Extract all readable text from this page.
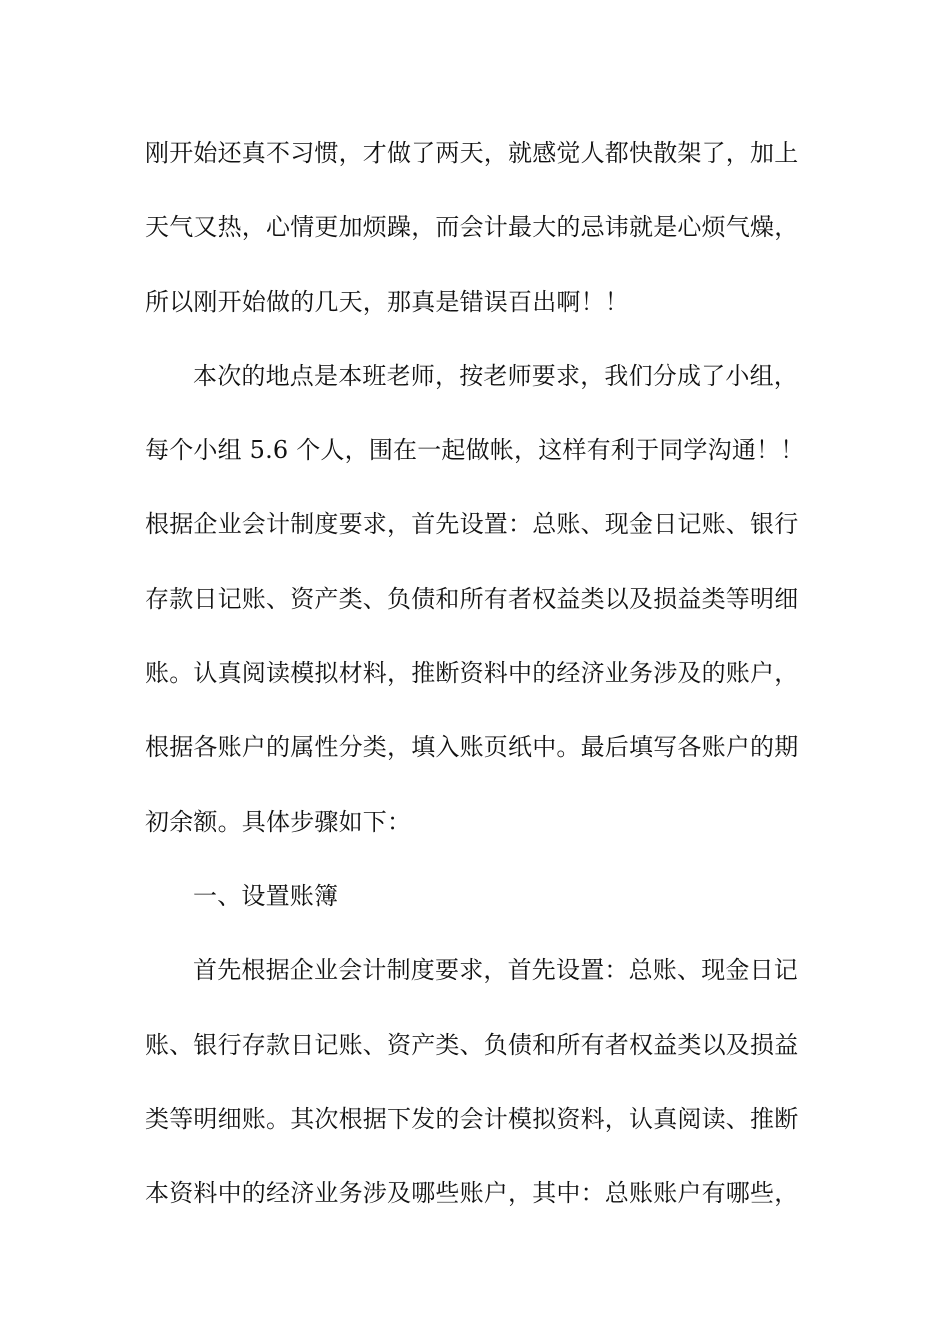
刚开始还真不习惯，才做了两天，就感觉人都快散架了，加上
天气又热，心情更加烦躁，而会计最大的忌讳就是心烦气燥，
所以刚开始做的几天，那真是错误百出啊！！
本次的地点是本班老师，按老师要求，我们分成了小组，
每个小组 5.6 个人，围在一起做帐，这样有利于同学沟通！！
根据企业会计制度要求，首先设置：总账、现金日记账、银行
存款日记账、资产类、负债和所有者权益类以及损益类等明细
账。认真阅读模拟材料，推断资料中的经济业务涉及的账户，
根据各账户的属性分类，填入账页纸中。最后填写各账户的期
初余额。具体步骤如下：
一、设置账簿
首先根据企业会计制度要求，首先设置：总账、现金日记
账、银行存款日记账、资产类、负债和所有者权益类以及损益
类等明细账。其次根据下发的会计模拟资料，认真阅读、推断
本资料中的经济业务涉及哪些账户，其中：总账账户有哪些，
